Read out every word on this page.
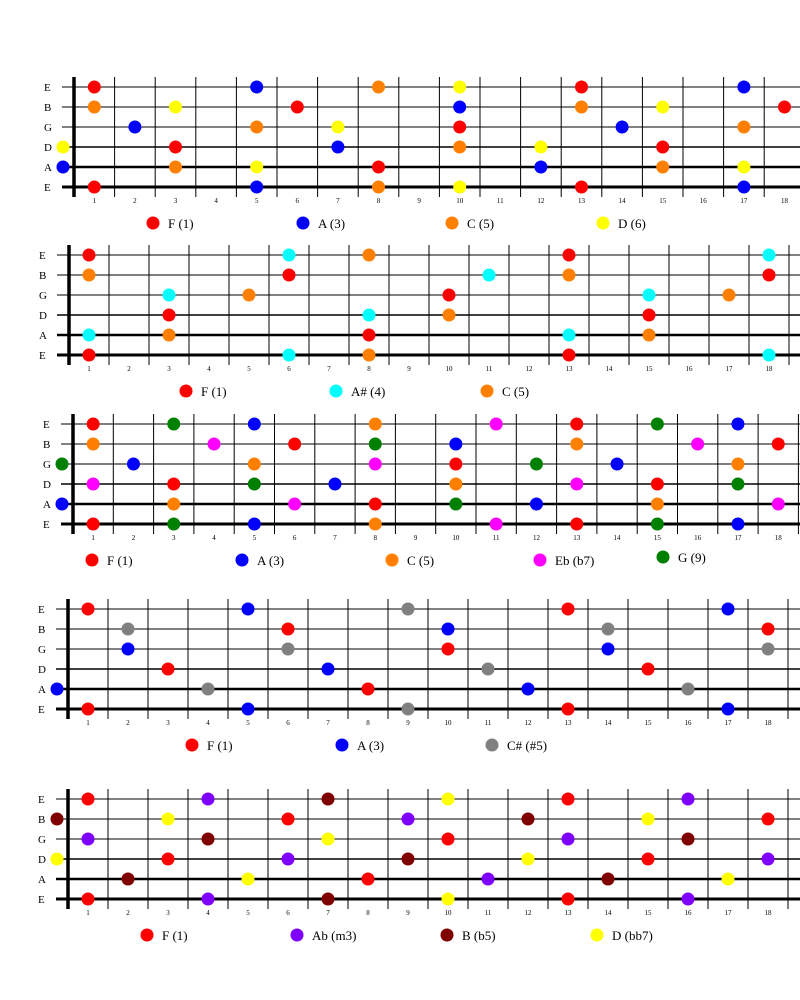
E
B
G
D
A
E
1	2	3	4	5	6	7	8	9	10	11	12	13	14	15	16	17	18
F (1)	A (3)	C (5)	D (6)
E
B
G
D
A
E
1	2	3	4	5	6	7	8	9	10	11	12	13	14	15	16	17	18
F (1)	A# (4)	C (5)
E
B
G
D
A
E
1	2	3	4	5	6	7	8	9	10	11	12	13	14	15	16	17	18
F (1)	A (3)	C (5)	Eb (b7)	G (9)
E
B
G
D
A
E
1	2	3	4	5	6	7	8	9	10	11	12	13	14	15	16	17	18
F (1)	A (3)	C# (#5)
E
B
G
D
A
E
1	2	3	4	5	6	7	8	9	10	11	12	13	14	15	16	17	18
F (1)	Ab (m3)	B (b5)	D (bb7)
